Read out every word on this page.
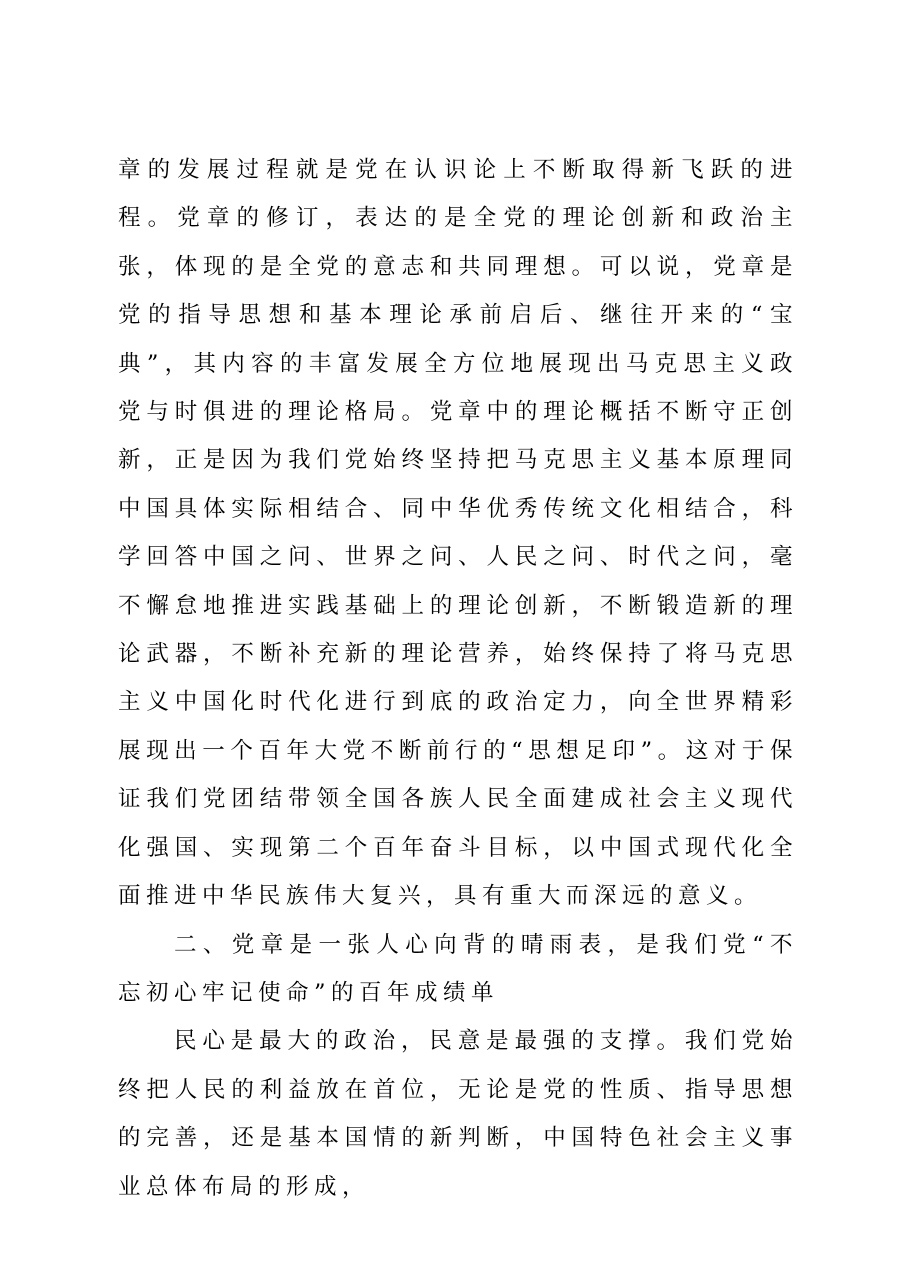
章的发展过程就是党在认识论上不断取得新飞跃的进程。党章的修订，表达的是全党的理论创新和政治主张，体现的是全党的意志和共同理想。可以说，党章是党的指导思想和基本理论承前启后、继往开来的“宝典”，其内容的丰富发展全方位地展现出马克思主义政党与时俱进的理论格局。党章中的理论概括不断守正创新，正是因为我们党始终坚持把马克思主义基本原理同中国具体实际相结合、同中华优秀传统文化相结合，科学回答中国之问、世界之问、人民之问、时代之问，毫不懈怠地推进实践基础上的理论创新，不断锻造新的理论武器，不断补充新的理论营养，始终保持了将马克思主义中国化时代化进行到底的政治定力，向全世界精彩展现出一个百年大党不断前行的“思想足印”。这对于保证我们党团结带领全国各族人民全面建成社会主义现代化强国、实现第二个百年奋斗目标，以中国式现代化全面推进中华民族伟大复兴，具有重大而深远的意义。

二、党章是一张人心向背的晴雨表，是我们党“不忘初心牢记使命”的百年成绩单

民心是最大的政治，民意是最强的支撑。我们党始终把人民的利益放在首位，无论是党的性质、指导思想的完善，还是基本国情的新判断，中国特色社会主义事业总体布局的形成，
